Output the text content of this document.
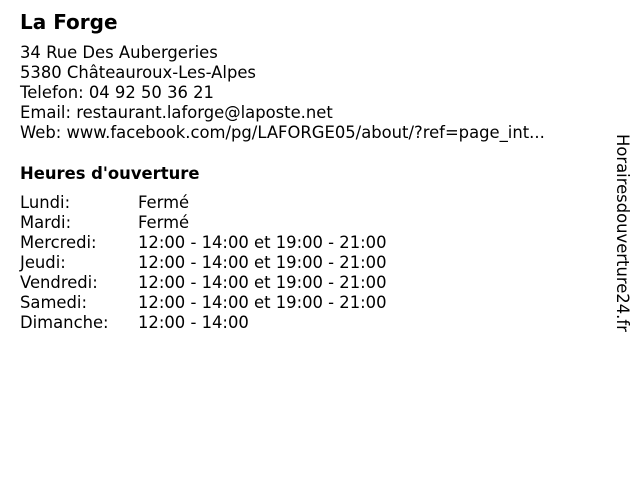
La Forge
34 Rue Des Aubergeries
5380 Châteauroux-Les-Alpes
Telefon: 04 92 50 36 21
Email: restaurant.laforge@laposte.net
Web: www.facebook.com/pg/LAFORGE05/about/?ref=page_int...
Heures d'ouverture
Lundi:	Fermé
Mardi:	Fermé
Mercredi:	12:00 - 14:00 et 19:00 - 21:00
Jeudi:	12:00 - 14:00 et 19:00 - 21:00
Vendredi: 12:00 - 14:00 et 19:00 - 21:00
Samedi:	12:00 - 14:00 et 19:00 - 21:00
Dimanche: 12:00 - 14:00	Horairesdouverture24.fr
